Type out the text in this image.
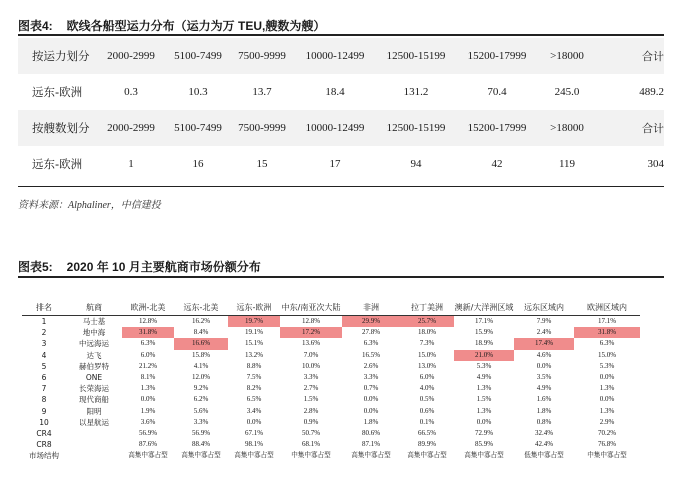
图表4: 欧线各船型运力分布（运力为万 TEU,艘数为艘）
按运力划分	2000-2999	5100-7499	7500-9999	10000-12499	12500-15199	15200-17999	>18000	合计
远东-欧洲	0.3	10.3	13.7	18.4	131.2	70.4	245.0	489.2
按艘数划分	2000-2999	5100-7499	7500-9999	10000-12499	12500-15199	15200-17999	>18000	合计
远东-欧洲	1	16	15	17	94	42	119	304
资料来源：Alphaliner，中信建投
图表5: 2020 年 10 月主要航商市场份额分布
排名	航商	欧洲-北美	远东-北美	远东-欧洲	中东/南亚次大陆	非洲	拉丁美洲	澳新/大洋洲区域	远东区域内	欧洲区域内
1	马士基	12.8%	16.2%	19.7%	12.8%	29.9%	25.7%	17.1%	7.9%	17.1%
2	地中海	31.8%	8.4%	19.1%	17.2%	27.8%	18.0%	15.9%	2.4%	31.8%
3	中远海运	6.3%	16.6%	15.1%	13.6%	6.3%	7.3%	18.9%	17.4%	6.3%
4	达飞	6.0%	15.8%	13.2%	7.0%	16.5%	15.0%	21.0%	4.6%	15.0%
5	赫伯罗特	21.2%	4.1%	8.8%	10.0%	2.6%	13.0%	5.3%	0.0%	5.3%
6	ONE	8.1%	12.0%	7.5%	3.3%	3.3%	6.0%	4.9%	3.5%	0.0%
7	长荣海运	1.3%	9.2%	8.2%	2.7%	0.7%	4.0%	1.3%	4.9%	1.3%
8	现代商船	0.0%	6.2%	6.5%	1.5%	0.0%	0.5%	1.5%	1.6%	0.0%
9	阳明	1.9%	5.6%	3.4%	2.8%	0.0%	0.6%	1.3%	1.8%	1.3%
10	以星航运	3.6%	3.3%	0.0%	0.9%	1.8%	0.1%	0.0%	0.8%	2.9%
CR4		56.9%	56.9%	67.1%	50.7%	80.6%	66.5%	72.9%	32.4%	70.2%
CR8		87.6%	88.4%	98.1%	68.1%	87.1%	89.9%	85.9%	42.4%	76.8%
市场结构		高集中寡占型	高集中寡占型	高集中寡占型	中集中寡占型	高集中寡占型	高集中寡占型	高集中寡占型	低集中寡占型	中集中寡占型
